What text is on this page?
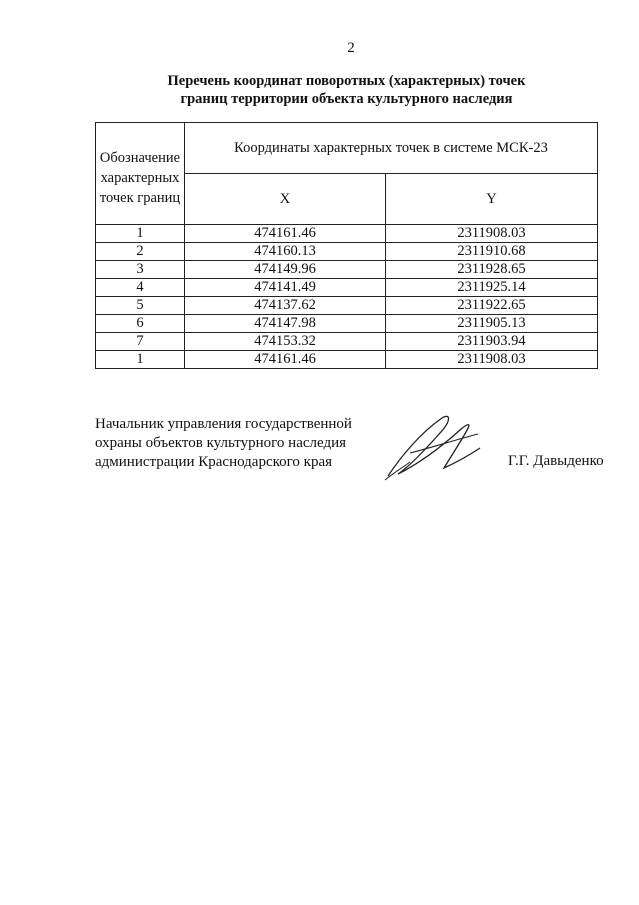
2
Перечень координат поворотных (характерных) точек
границ территории объекта культурного наследия
Обозначение
характерных
точек границ	Координаты характерных точек в системе МСК-23	
	X	Y
1	474161.46	2311908.03
2	474160.13	2311910.68
3	474149.96	2311928.65
4	474141.49	2311925.14
5	474137.62	2311922.65
6	474147.98	2311905.13
7	474153.32	2311903.94
1	474161.46	2311908.03
Начальник управления государственной
охраны объектов культурного наследия
администрации Краснодарского края	Г.Г. Давыденко
